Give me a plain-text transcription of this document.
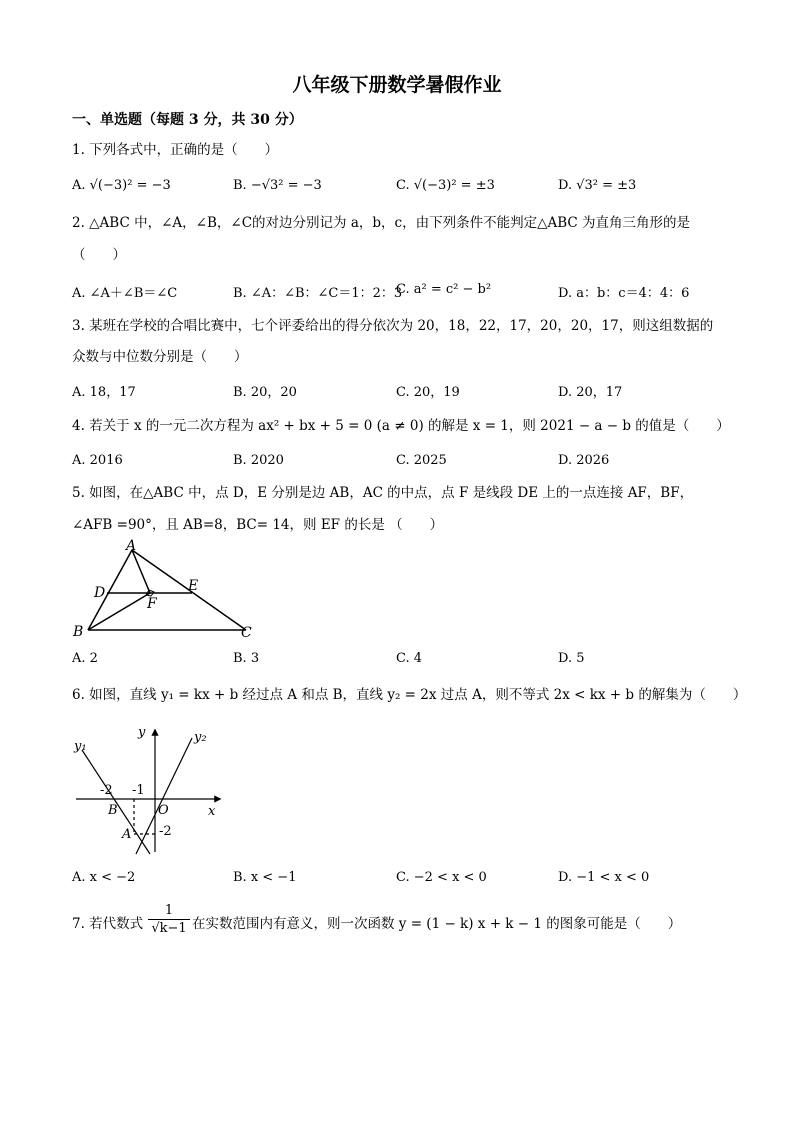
八年级下册数学暑假作业
一、单选题（每题 3 分，共 30 分）
1. 下列各式中，正确的是（　　）
A. √(−3)² = −3	B. −√3² = −3	C. √(−3)² = ±3	D. √3² = ±3
2. △ABC 中，∠A，∠B，∠C的对边分别记为 a，b，c，由下列条件不能判定△ABC 为直角三角形的是
（　　）
A. ∠A＋∠B＝∠C	B. ∠A：∠B：∠C＝1：2：3
C. a² = c² − b²	D. a：b：c＝4：4：6
3. 某班在学校的合唱比赛中，七个评委给出的得分依次为 20，18，22，17，20，20，17，则这组数据的
众数与中位数分别是（　　）
A. 18，17	B. 20，20	C. 20，19	D. 20，17
4. 若关于 x 的一元二次方程为 ax² + bx + 5 = 0 (a ≠ 0) 的解是 x = 1，则 2021 − a − b 的值是（　　）
A. 2016	B. 2020	C. 2025	D. 2026
5. 如图，在△ABC 中，点 D，E 分别是边 AB，AC 的中点，点 F 是线段 DE 上的一点连接 AF，BF，
∠AFB =90°，且 AB=8，BC= 14，则 EF 的长是 （　　）
A
D	E
F
B	C
A. 2	B. 3	C. 4	D. 5
6. 如图，直线 y₁ = kx + b 经过点 A 和点 B，直线 y₂ = 2x 过点 A，则不等式 2x < kx + b 的解集为（　　）
y
y₁
y₂
-2 -1
B	O	x
A -2
A. x < −2	B. x < −1	C. −2 < x < 0	D. −1 < x < 0
7. 若代数式 $\frac{1}{√k-1}$ 在实数范围内有意义，则一次函数 y = (1 − k) x + k − 1 的图象可能是（　　）
